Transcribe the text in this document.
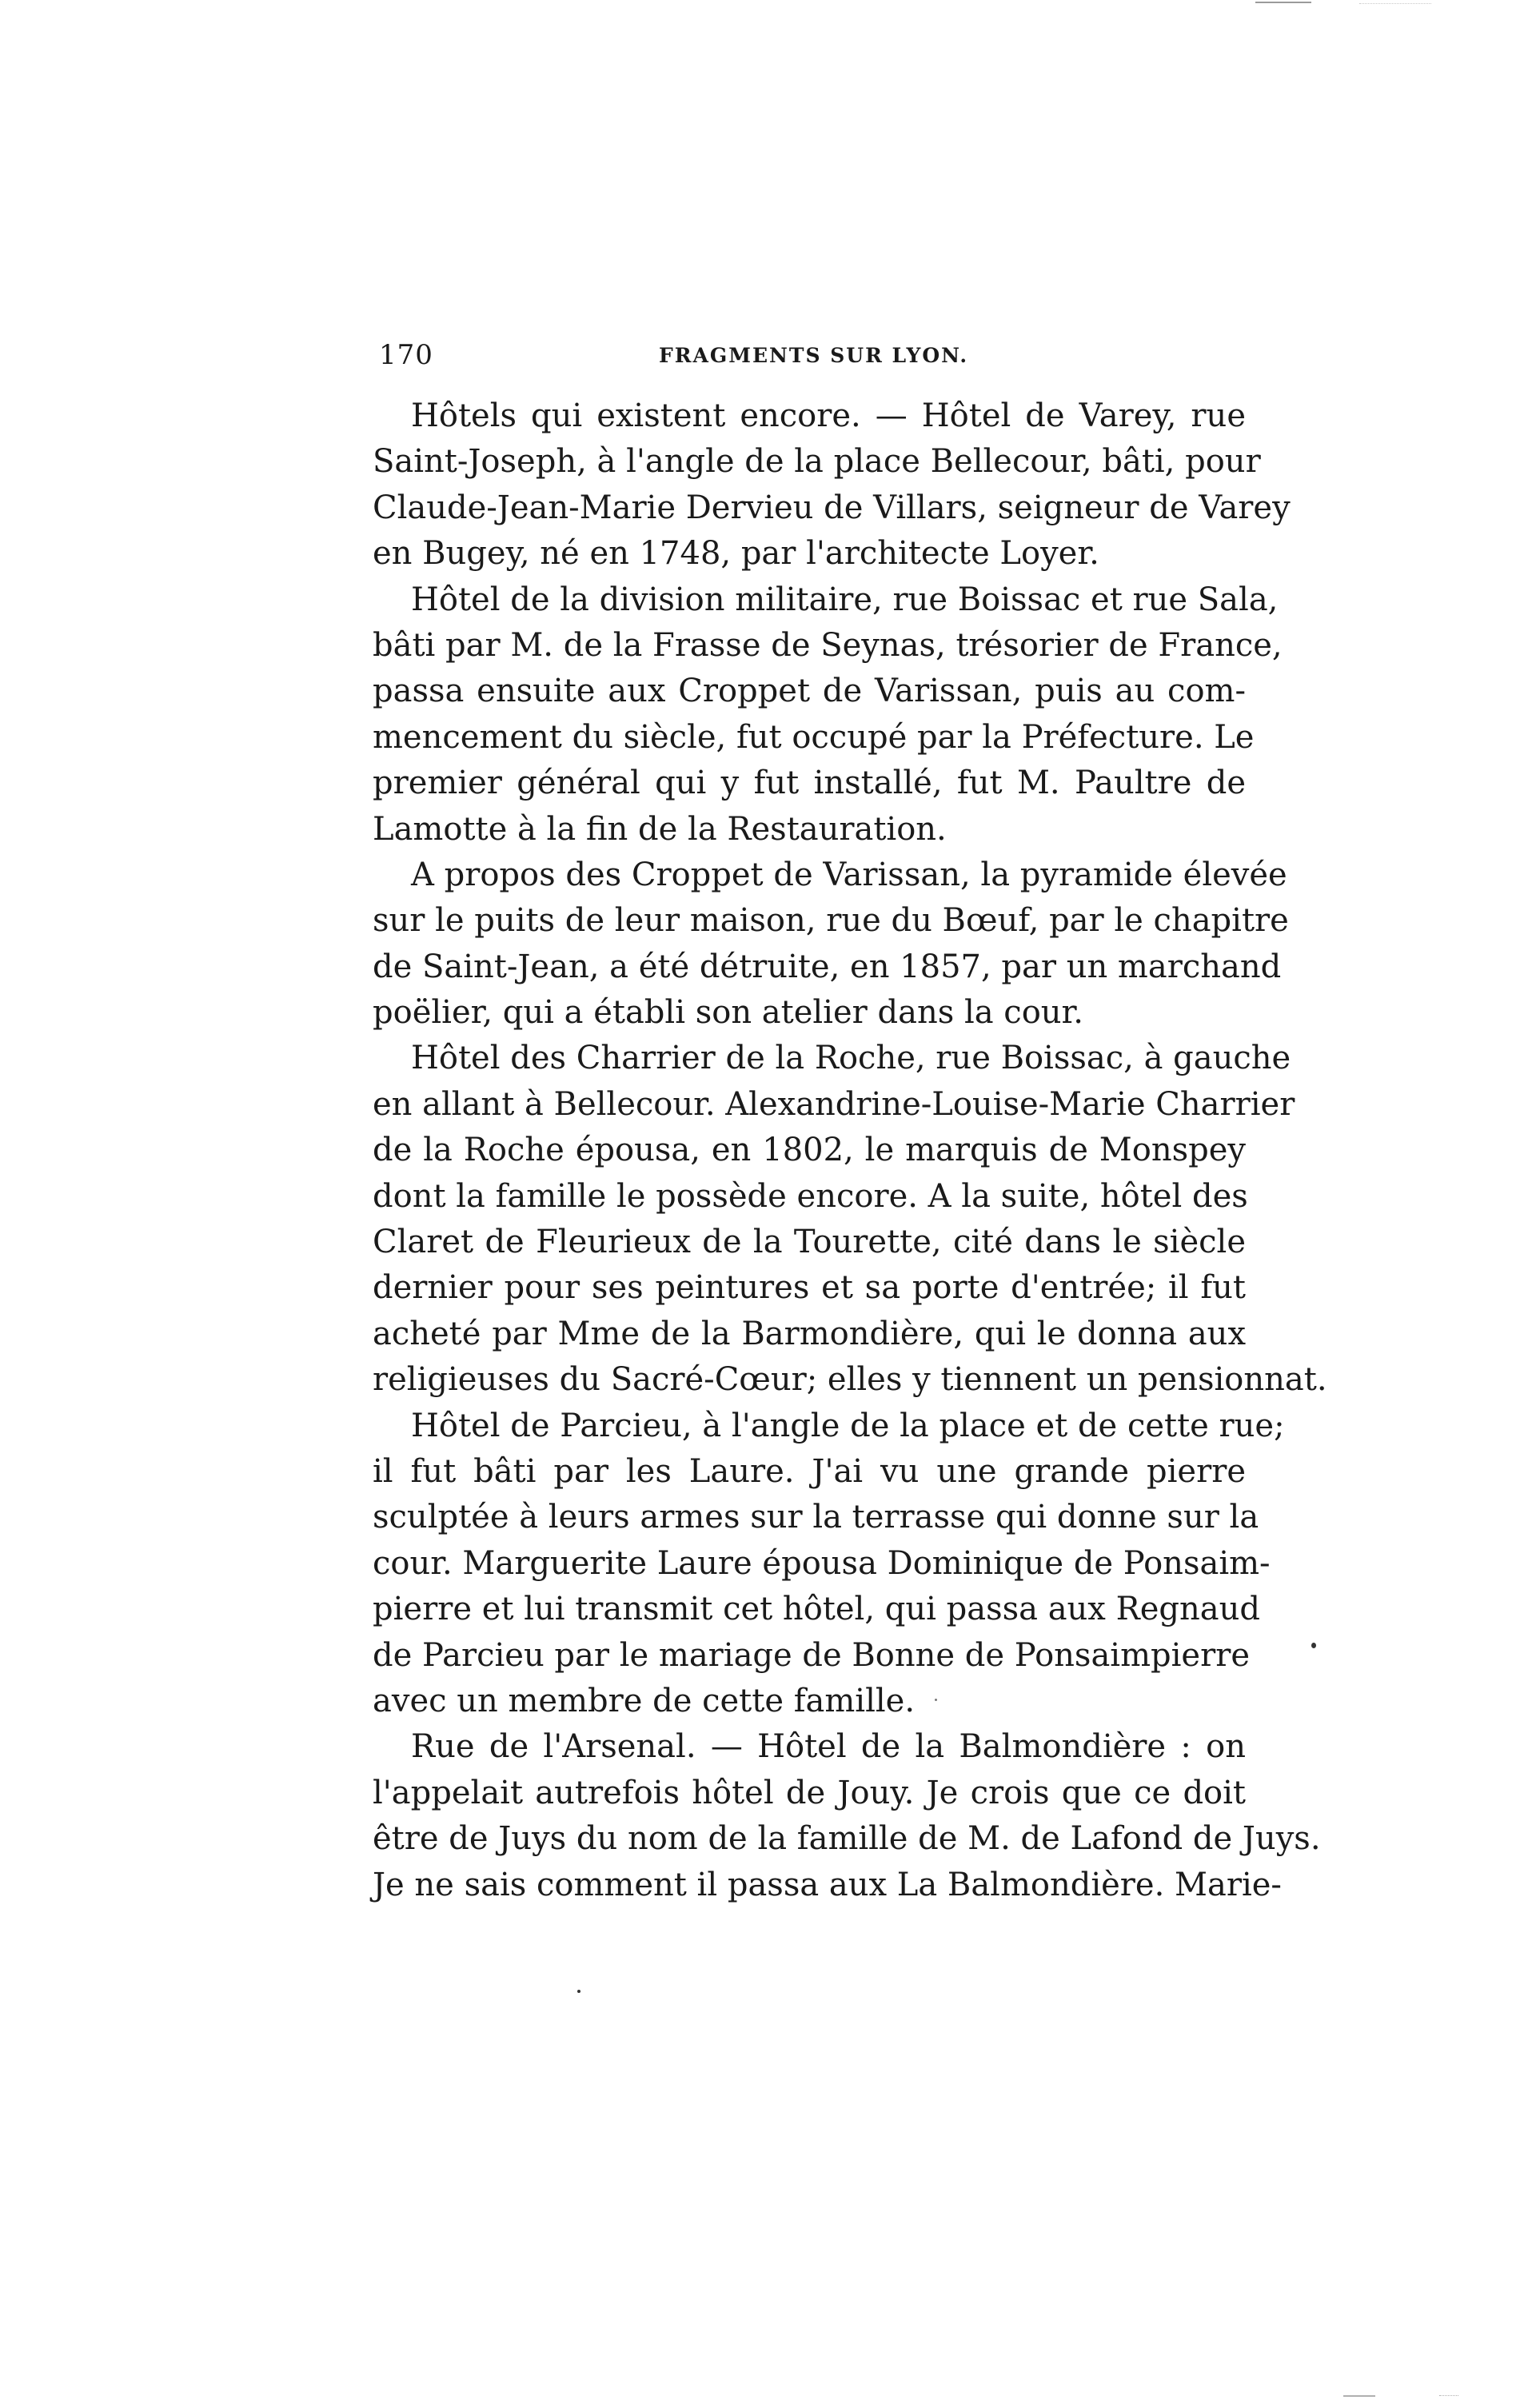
170	FRAGMENTS SUR LYON.
Hôtels qui existent encore. — Hôtel de Varey, rue
Saint-Joseph, à l'angle de la place Bellecour, bâti, pour
Claude-Jean-Marie Dervieu de Villars, seigneur de Varey
en Bugey, né en 1748, par l'architecte Loyer.
Hôtel de la division militaire, rue Boissac et rue Sala,
bâti par M. de la Frasse de Seynas, trésorier de France,
passa ensuite aux Croppet de Varissan, puis au com-
mencement du siècle, fut occupé par la Préfecture. Le
premier général qui y fut installé, fut M. Paultre de
Lamotte à la fin de la Restauration.
A propos des Croppet de Varissan, la pyramide élevée
sur le puits de leur maison, rue du Bœuf, par le chapitre
de Saint-Jean, a été détruite, en 1857, par un marchand
poëlier, qui a établi son atelier dans la cour.
Hôtel des Charrier de la Roche, rue Boissac, à gauche
en allant à Bellecour. Alexandrine-Louise-Marie Charrier
de la Roche épousa, en 1802, le marquis de Monspey
dont la famille le possède encore. A la suite, hôtel des
Claret de Fleurieux de la Tourette, cité dans le siècle
dernier pour ses peintures et sa porte d'entrée; il fut
acheté par Mme de la Barmondière, qui le donna aux
religieuses du Sacré-Cœur; elles y tiennent un pensionnat.
Hôtel de Parcieu, à l'angle de la place et de cette rue;
il fut bâti par les Laure. J'ai vu une grande pierre
sculptée à leurs armes sur la terrasse qui donne sur la
cour. Marguerite Laure épousa Dominique de Ponsaim-
pierre et lui transmit cet hôtel, qui passa aux Regnaud
de Parcieu par le mariage de Bonne de Ponsaimpierre
avec un membre de cette famille.
Rue de l'Arsenal. — Hôtel de la Balmondière : on
l'appelait autrefois hôtel de Jouy. Je crois que ce doit
être de Juys du nom de la famille de M. de Lafond de Juys.
Je ne sais comment il passa aux La Balmondière. Marie-
